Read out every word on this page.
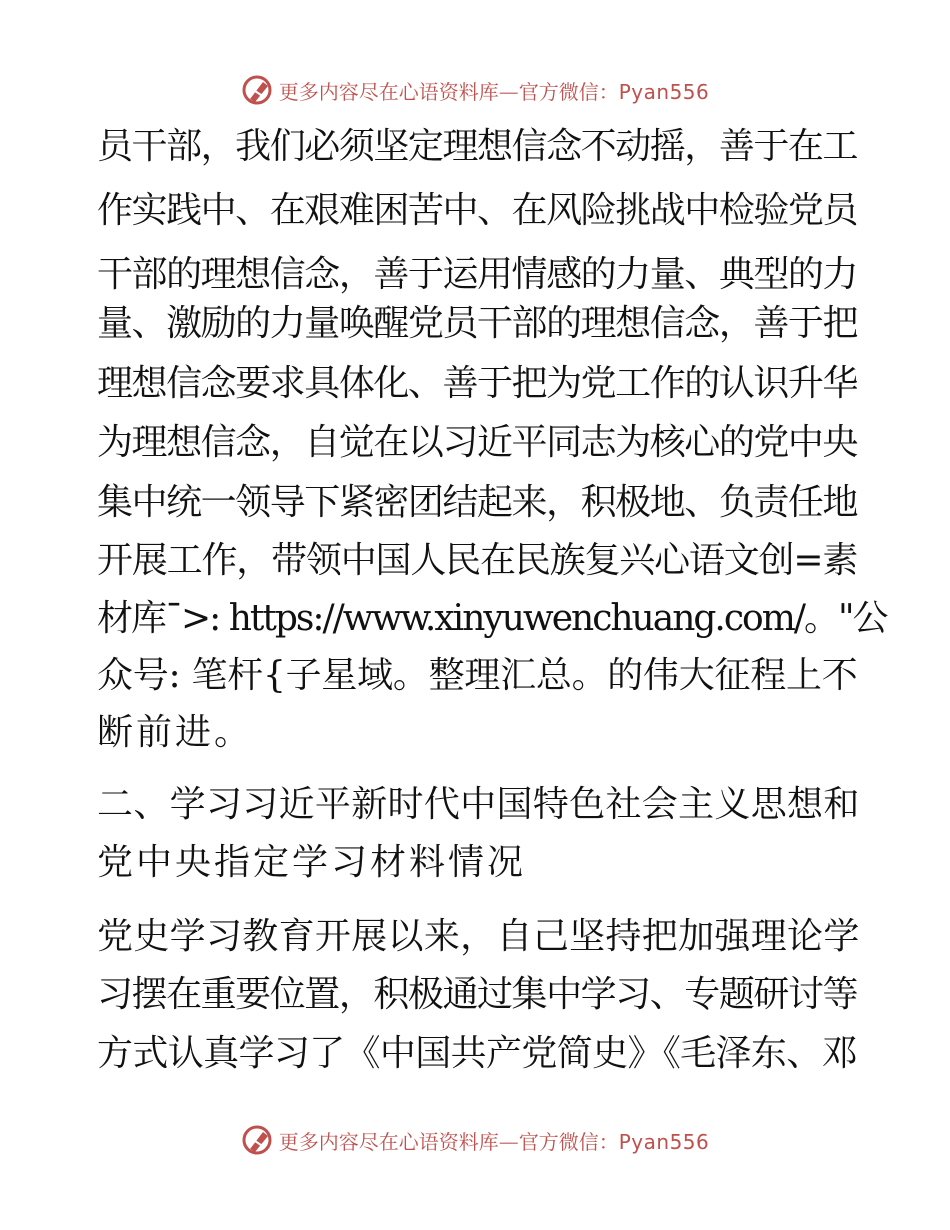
更多内容尽在心语资料库—官方微信：Pyan556
员干部，我们必须坚定理想信念不动摇，善于在工
作实践中、在艰难困苦中、在风险挑战中检验党员
干部的理想信念，善于运用情感的力量、典型的力
量、激励的力量唤醒党员干部的理想信念，善于把
理想信念要求具体化、善于把为党工作的认识升华
为理想信念，自觉在以习近平同志为核心的党中央
集中统一领导下紧密团结起来，积极地、负责任地
开展工作，带领中国人民在民族复兴心语文创=素
材库¯>: https://www.xinyuwenchuang.com/。"公
众号: 笔杆{子星域。整理汇总。的伟大征程上不
断前进。
二、学习习近平新时代中国特色社会主义思想和
党中央指定学习材料情况
党史学习教育开展以来，自己坚持把加强理论学
习摆在重要位置，积极通过集中学习、专题研讨等
方式认真学习了《中国共产党简史》《毛泽东、邓
更多内容尽在心语资料库—官方微信：Pyan556
